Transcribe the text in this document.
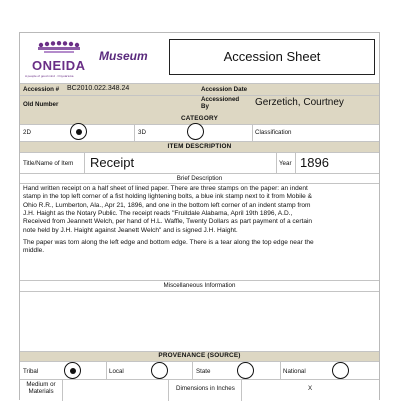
ONEIDA
A people of good mind · Onyota'a:ka
Museum	Accession Sheet
Accession # BC2010.022.348.24	Accession Date
Old Number
Accessioned By	Gerzetich, Courtney
CATEGORY
2D	3D	Classification
ITEM DESCRIPTION
Title/Name of Item Receipt	Year 1896
Brief Description
Hand written receipt on a half sheet of lined paper. There are three stamps on the paper: an indent
stamp in the top left corner of a fist holding lightening bolts, a blue ink stamp next to it from Mobile &
Ohio R.R., Lumberton, Ala., Apr 21, 1896, and one in the bottom left corner of an indent stamp from
J.H. Haight as the Notary Public. The receipt reads "Fruitdale Alabama, April 19th 1896, A.D.,
Received from Jeannett Welch, per hand of H.L. Waffle, Twenty Dollars as part payment of a certain
note held by J.H. Haight against Jeanett Welch" and is signed J.H. Haight.
The paper was torn along the left edge and bottom edge. There is a tear along the top edge near the
middle.
Miscellaneous Information
PROVENANCE (SOURCE)
Tribal	Local	State	National
Medium or Materials	Dimensions in Inches	X
